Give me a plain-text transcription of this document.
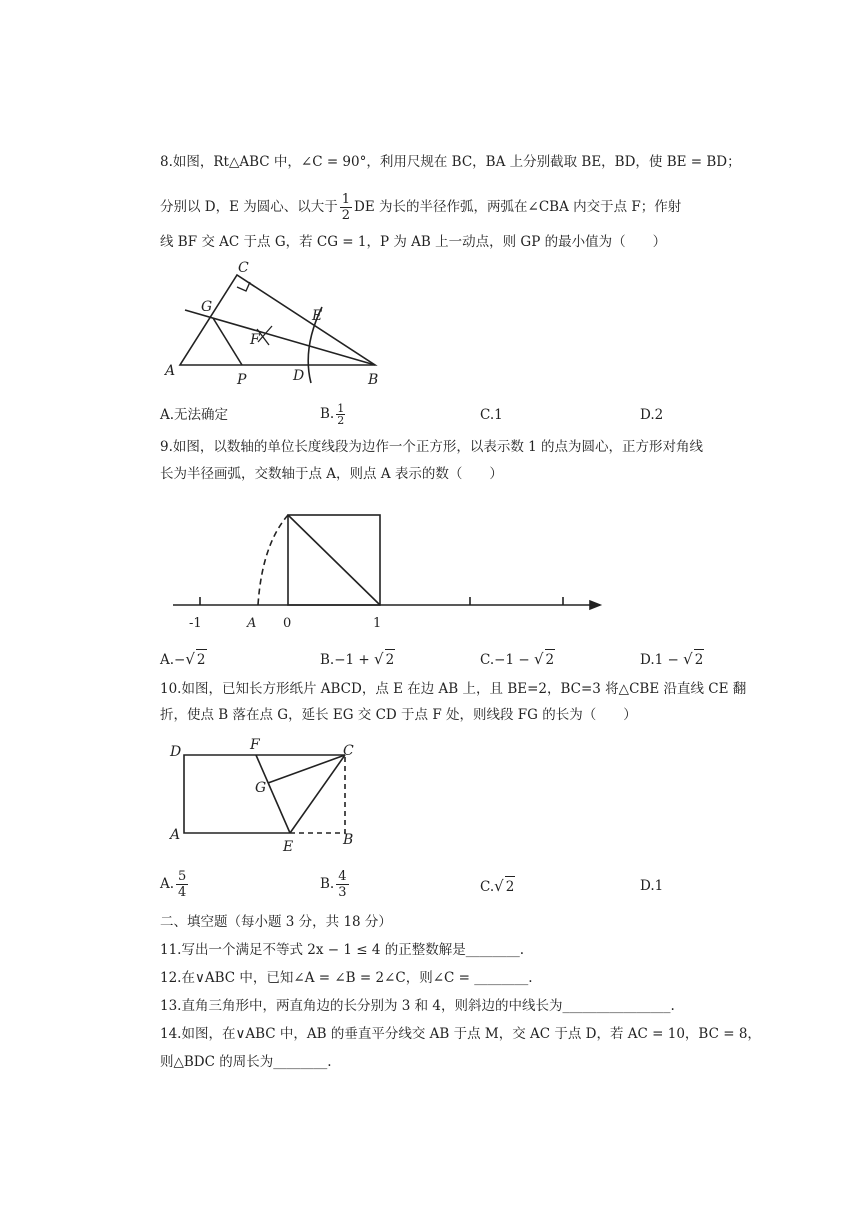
8.如图，Rt△ABC 中，∠C = 90°，利用尺规在 BC，BA 上分别截取 BE，BD，使 BE = BD；
分别以 D，E 为圆心、以大于 $\frac{1}{2}$ DE 为长的半径作弧，两弧在∠CBA 内交于点 F；作射
线 BF 交 AC 于点 G，若 CG = 1，P 为 AB 上一动点，则 GP 的最小值为（　　）
C
G
E
F
A
P	D	B
A.无法确定	B. $\frac{1}{2}$	C.1	D.2
9.如图，以数轴的单位长度线段为边作一个正方形，以表示数 1 的点为圆心，正方形对角线
长为半径画弧，交数轴于点 A，则点 A 表示的数（　　）
-1	A 0	1
A.−√ 2	B.−1 + √ 2	C.−1 − √ 2	D.1 − √ 2
10.如图，已知长方形纸片 ABCD，点 E 在边 AB 上，且 BE=2，BC=3 将△CBE 沿直线 CE 翻
折，使点 B 落在点 G，延长 EG 交 CD 于点 F 处，则线段 FG 的长为（　　）
D	F	C
G
A
E	B
A. $\frac{5}{4}$	B. $\frac{4}{3}$	C.√ 2	D.1
二、填空题（每小题 3 分，共 18 分）
11.写出一个满足不等式 2x − 1 ≤ 4 的正整数解是________.
12.在∨ABC 中，已知∠A = ∠B = 2∠C，则∠C = ________.
13.直角三角形中，两直角边的长分别为 3 和 4，则斜边的中线长为________________.
14.如图，在∨ABC 中，AB 的垂直平分线交 AB 于点 M，交 AC 于点 D，若 AC = 10，BC = 8，
则△BDC 的周长为________.
